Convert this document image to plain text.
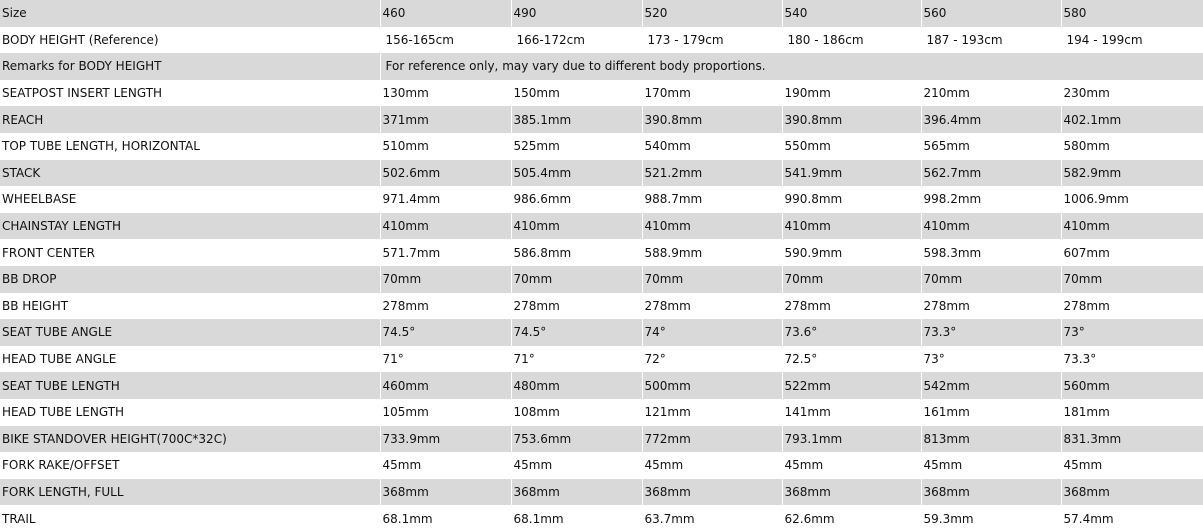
Size	460	490	520	540	560	580
BODY HEIGHT (Reference)	156-165cm	166-172cm	173 - 179cm	180 - 186cm	187 - 193cm	194 - 199cm
Remarks for BODY HEIGHT	For reference only, may vary due to different body proportions.					
SEATPOST INSERT LENGTH	130mm	150mm	170mm	190mm	210mm	230mm
REACH	371mm	385.1mm	390.8mm	390.8mm	396.4mm	402.1mm
TOP TUBE LENGTH, HORIZONTAL	510mm	525mm	540mm	550mm	565mm	580mm
STACK	502.6mm	505.4mm	521.2mm	541.9mm	562.7mm	582.9mm
WHEELBASE	971.4mm	986.6mm	988.7mm	990.8mm	998.2mm	1006.9mm
CHAINSTAY LENGTH	410mm	410mm	410mm	410mm	410mm	410mm
FRONT CENTER	571.7mm	586.8mm	588.9mm	590.9mm	598.3mm	607mm
BB DROP	70mm	70mm	70mm	70mm	70mm	70mm
BB HEIGHT	278mm	278mm	278mm	278mm	278mm	278mm
SEAT TUBE ANGLE	74.5°	74.5°	74°	73.6°	73.3°	73°
HEAD TUBE ANGLE	71°	71°	72°	72.5°	73°	73.3°
SEAT TUBE LENGTH	460mm	480mm	500mm	522mm	542mm	560mm
HEAD TUBE LENGTH	105mm	108mm	121mm	141mm	161mm	181mm
BIKE STANDOVER HEIGHT(700C*32C)	733.9mm	753.6mm	772mm	793.1mm	813mm	831.3mm
FORK RAKE/OFFSET	45mm	45mm	45mm	45mm	45mm	45mm
FORK LENGTH, FULL	368mm	368mm	368mm	368mm	368mm	368mm
TRAIL	68.1mm	68.1mm	63.7mm	62.6mm	59.3mm	57.4mm
